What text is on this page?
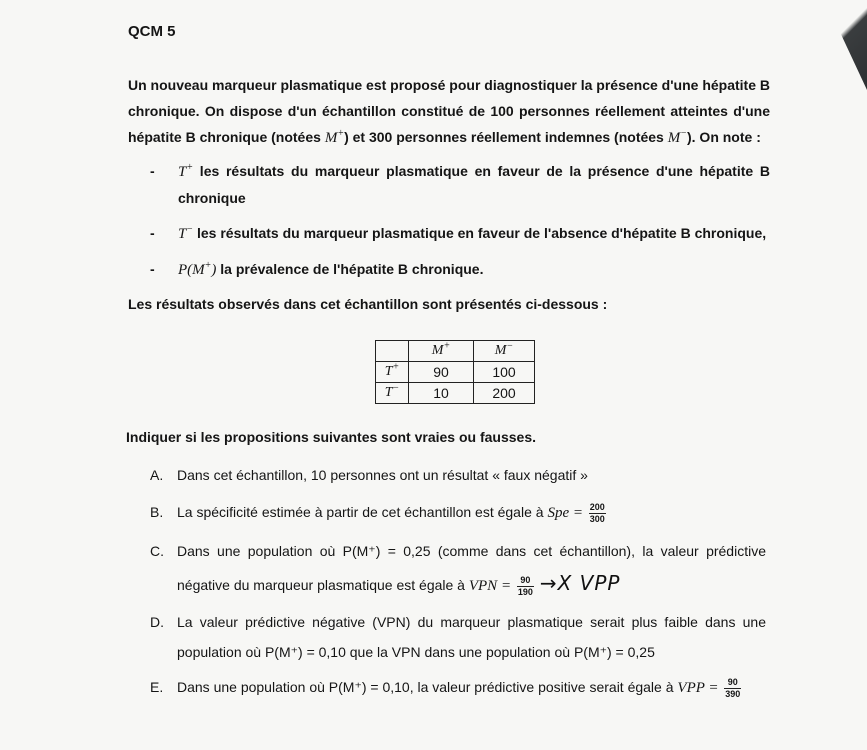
QCM 5

Un nouveau marqueur plasmatique est proposé pour diagnostiquer la présence d'une hépatite B chronique. On dispose d'un échantillon constitué de 100 personnes réellement atteintes d'une hépatite B chronique (notées M+) et 300 personnes réellement indemnes (notées M−). On note :

- T+ les résultats du marqueur plasmatique en faveur de la présence d'une hépatite B chronique
- T− les résultats du marqueur plasmatique en faveur de l'absence d'hépatite B chronique,
- P(M+) la prévalence de l'hépatite B chronique.
Les résultats observés dans cet échantillon sont présentés ci-dessous :
	M+	M−
T+	90	100
T−	10	200
Indiquer si les propositions suivantes sont vraies ou fausses.
A. Dans cet échantillon, 10 personnes ont un résultat « faux négatif »
B. La spécificité estimée à partir de cet échantillon est égale à Spe = $\frac{200}{300}$
C. Dans une population où P(M⁺) = 0,25 (comme dans cet échantillon), la valeur prédictive négative du marqueur plasmatique est égale à VPN = $\frac{90}{190} \to X$ VPP
D. La valeur prédictive négative (VPN) du marqueur plasmatique serait plus faible dans une population où P(M⁺) = 0,10 que la VPN dans une population où P(M⁺) = 0,25
E. Dans une population où P(M⁺) = 0,10, la valeur prédictive positive serait égale à VPP = $\frac{90}{390}$
